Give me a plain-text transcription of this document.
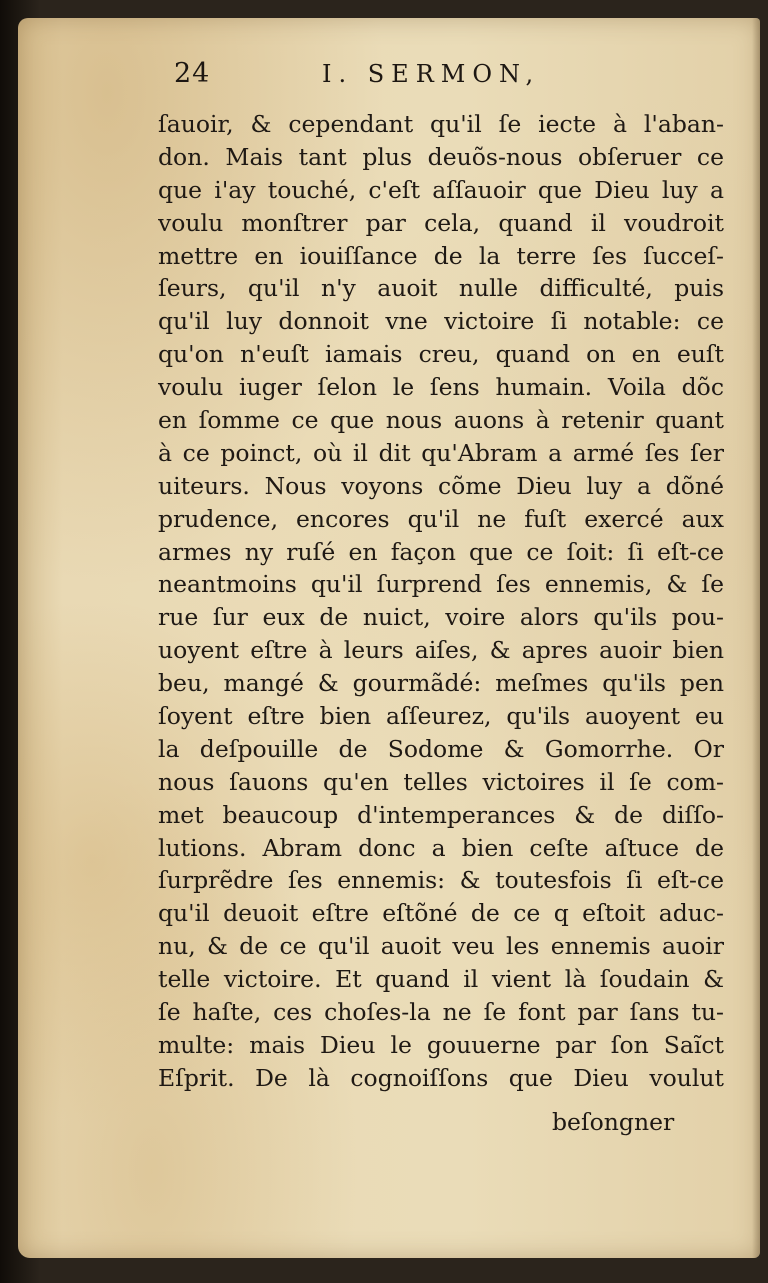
24	I. SERMON,
ſauoir, & cependant qu'il ſe iecte à l'aban-
don. Mais tant plus deuõs-nous obſeruer ce
que i'ay touché, c'eſt aſſauoir que Dieu luy a
voulu monſtrer par cela, quand il voudroit
mettre en iouiſſance de la terre ſes ſucceſ-
ſeurs, qu'il n'y auoit nulle difficulté, puis
qu'il luy donnoit vne victoire ſi notable: ce
qu'on n'euſt iamais creu, quand on en euſt
voulu iuger ſelon le ſens humain. Voila dõc
en ſomme ce que nous auons à retenir quant
à ce poinct, où il dit qu'Abram a armé ſes ſer
uiteurs. Nous voyons cõme Dieu luy a dõné
prudence, encores qu'il ne fuſt exercé aux
armes ny ruſé en façon que ce ſoit: ſi eſt-ce
neantmoins qu'il ſurprend ſes ennemis, & ſe
rue ſur eux de nuict, voire alors qu'ils pou-
uoyent eſtre à leurs aiſes, & apres auoir bien
beu, mangé & gourmãdé: meſmes qu'ils pen
ſoyent eſtre bien aſſeurez, qu'ils auoyent eu
la deſpouille de Sodome & Gomorrhe. Or
nous ſauons qu'en telles victoires il ſe com-
met beaucoup d'intemperances & de diſſo-
lutions. Abram donc a bien ceſte aſtuce de
ſurprẽdre ſes ennemis: & toutesfois ſi eſt-ce
qu'il deuoit eſtre eſtõné de ce q eſtoit aduc-
nu, & de ce qu'il auoit veu les ennemis auoir
telle victoire. Et quand il vient là ſoudain &
ſe haſte, ces choſes-la ne ſe font par ſans tu-
multe: mais Dieu le gouuerne par ſon Saĩct
Eſprit. De là cognoiſſons que Dieu voulut
beſongner
